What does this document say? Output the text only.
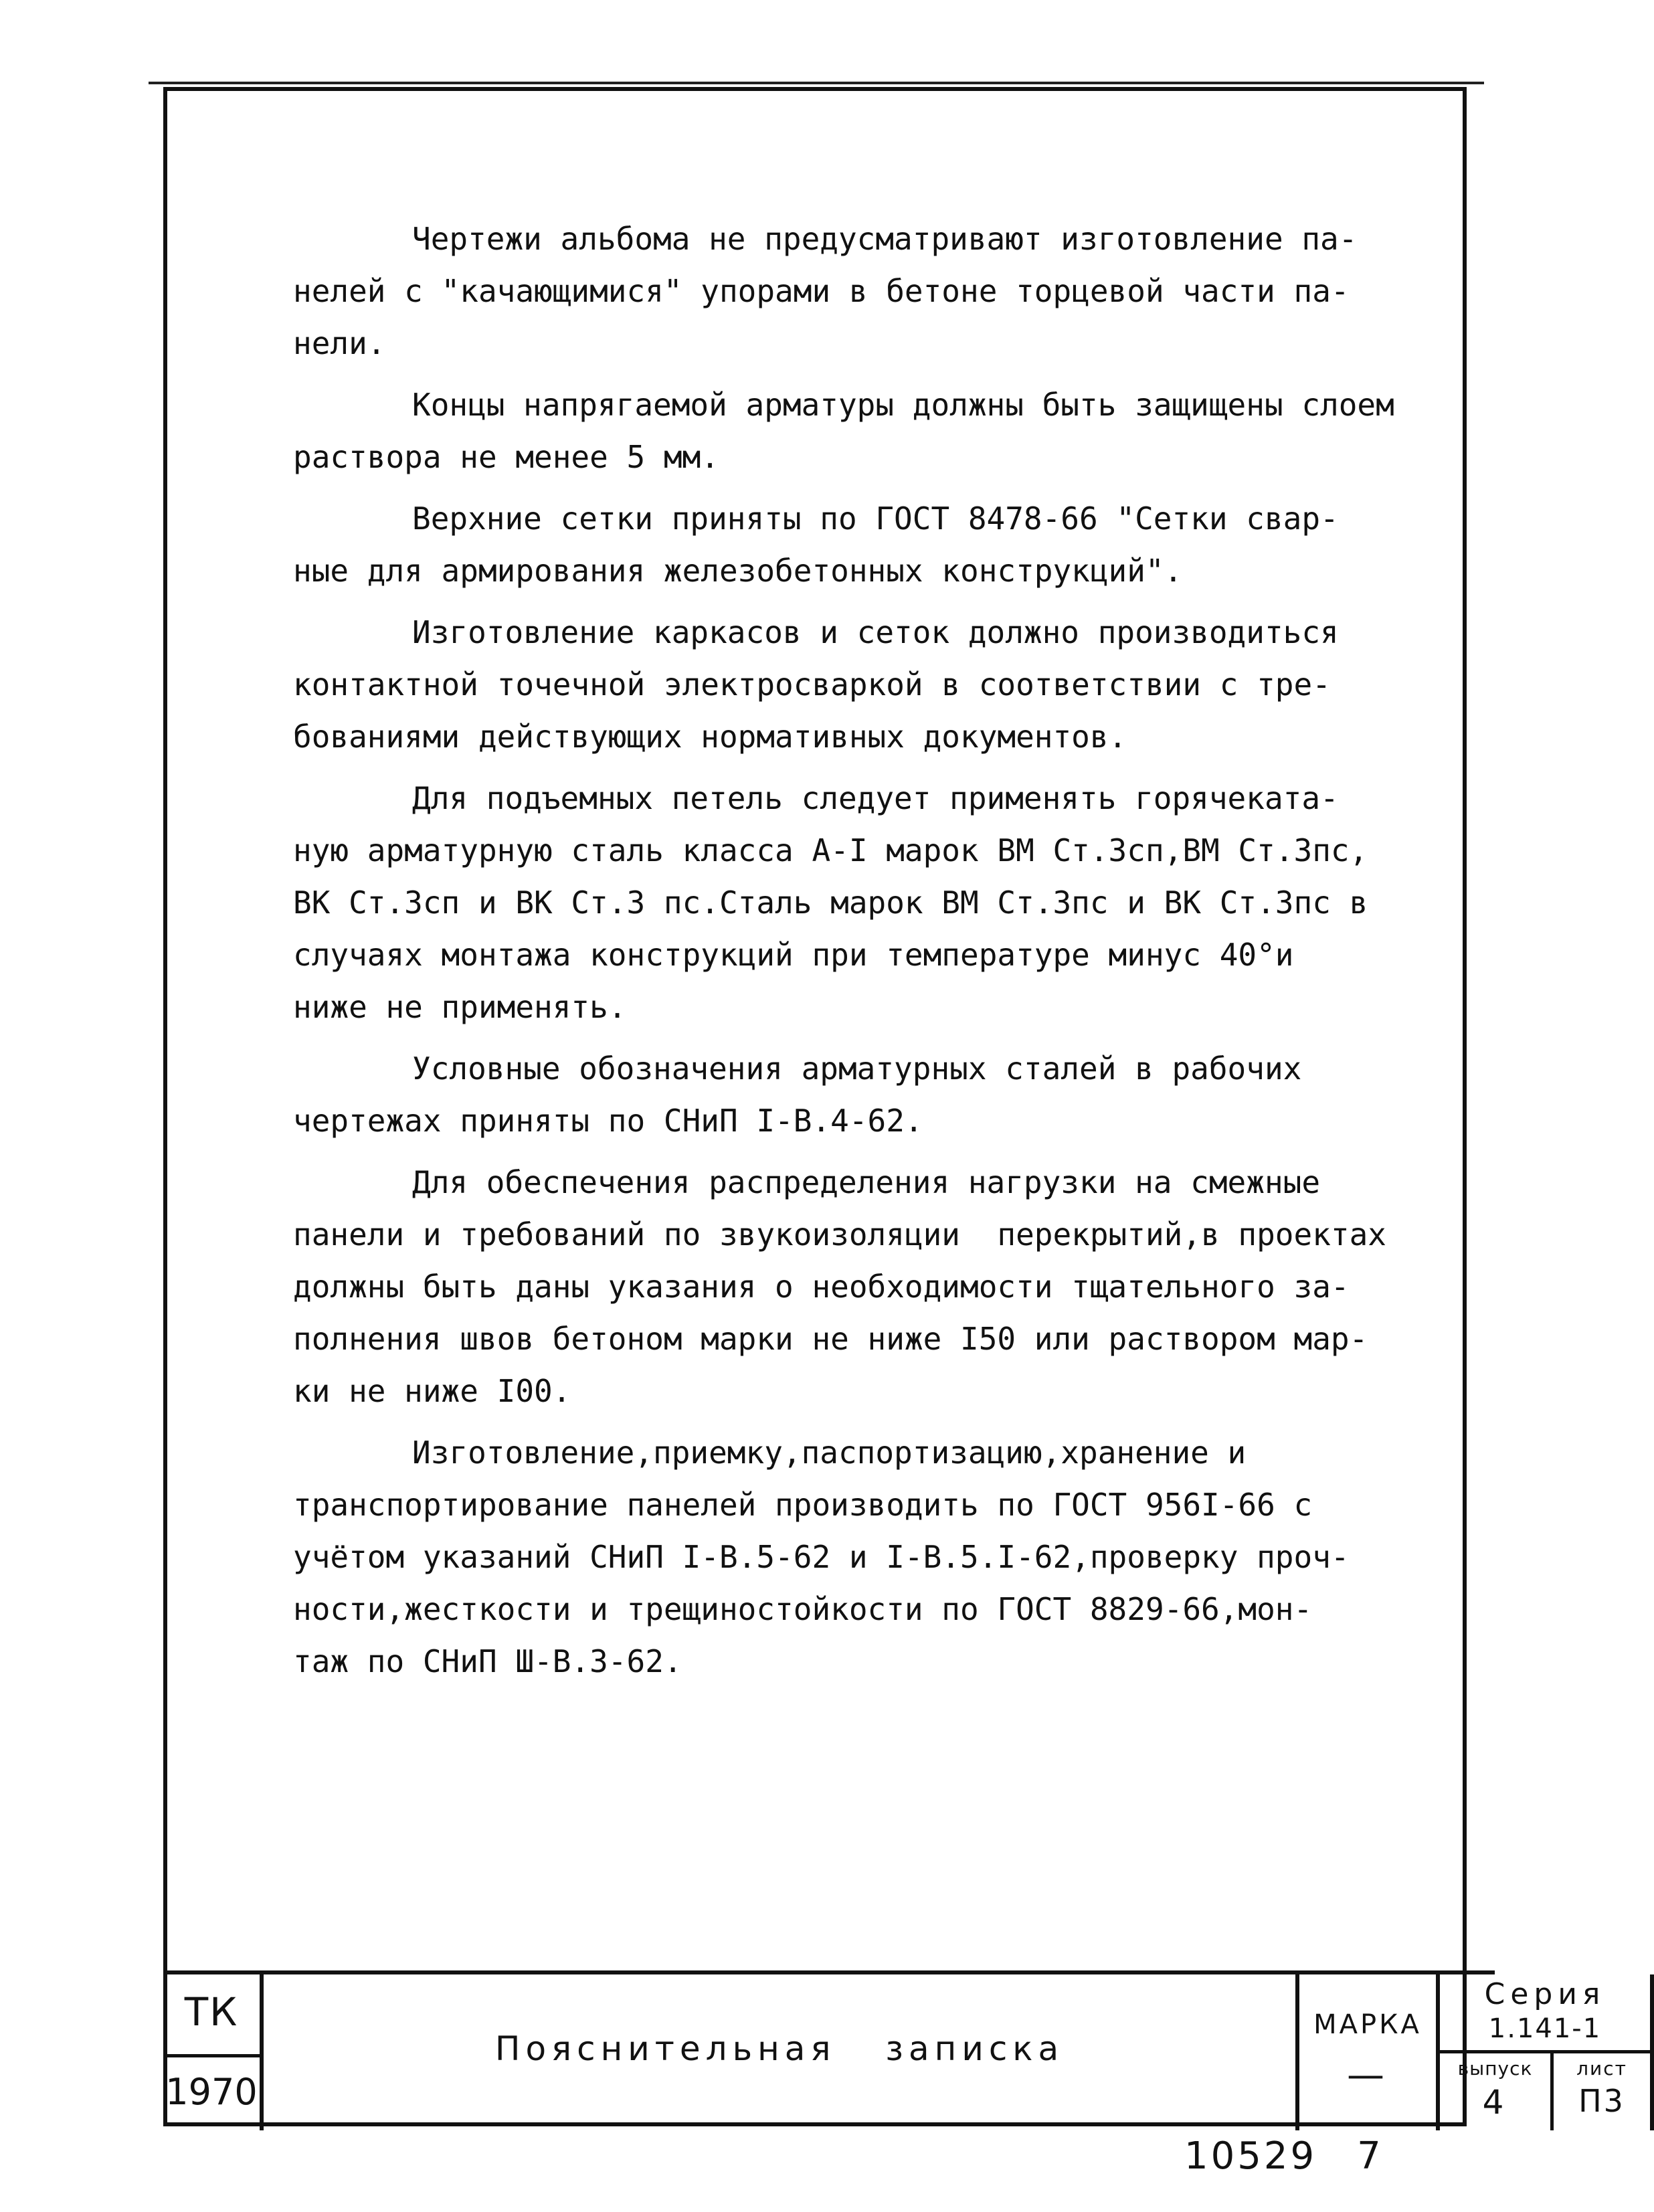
Чертежи альбома не предусматривают изготовление па-
нелей с "качающимися" упорами в бетоне торцевой части па-
нели.
Концы напрягаемой арматуры должны быть защищены слоем
раствора не менее 5 мм.
Верхние сетки приняты по ГОСТ 8478-66 "Сетки свар-
ные для армирования железобетонных конструкций".
Изготовление каркасов и сеток должно производиться
контактной точечной электросваркой в соответствии с тре-
бованиями действующих нормативных документов.
Для подъемных петель следует применять горячеката-
ную арматурную сталь класса А-I марок ВМ Ст.3сп,ВМ Ст.3пс,
ВК Ст.3сп и ВК Ст.3 пс.Сталь марок ВМ Ст.3пс и ВК Ст.3пс в
случаях монтажа конструкций при температуре минус 40°и
ниже не применять.
Условные обозначения арматурных сталей в рабочих
чертежах приняты по СНиП I-В.4-62.
Для обеспечения распределения нагрузки на смежные
панели и требований по звукоизоляции  перекрытий,в проектах
должны быть даны указания о необходимости тщательного за-
полнения швов бетоном марки не ниже I50 или раствором мар-
ки не ниже I00.
Изготовление,приемку,паспортизацию,хранение и
транспортирование панелей производить по ГОСТ 956I-66 с
учётом указаний СНиП I-В.5-62 и I-В.5.I-62,проверку проч-
ности,жесткости и трещиностойкости по ГОСТ 8829-66,мон-
таж по СНиП Ш-В.3-62.
ТК
1970
Пояснительная записка
МАРКА
—
Серия
1.141-1
выпуск
4
лист
П3
10529 7
